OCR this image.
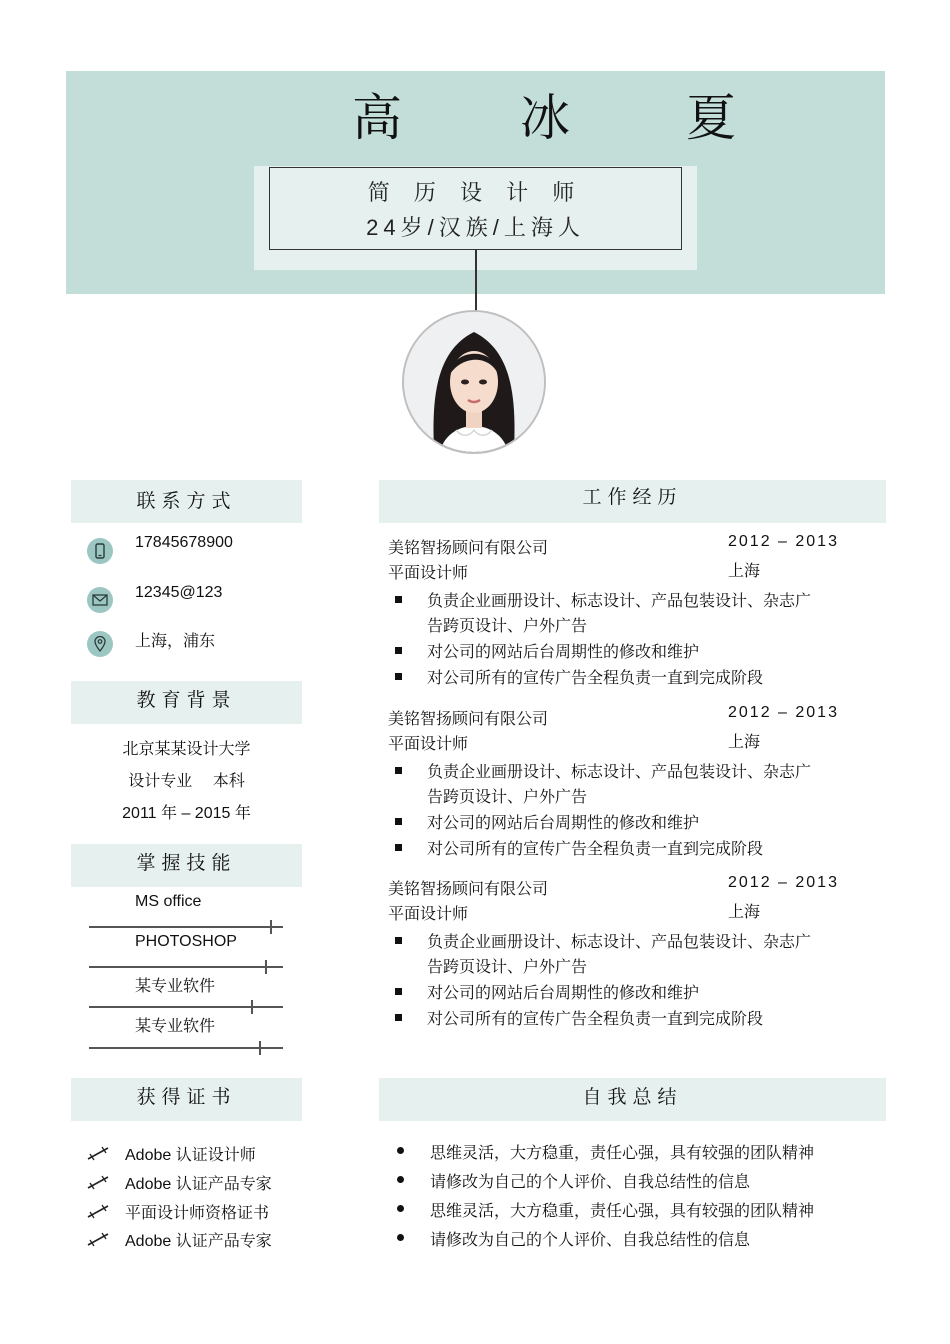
高 冰 夏
简 历 设 计 师
24岁/汉族/上海人
联系方式
17845678900
12345@123
上海，浦东
教育背景
北京某某设计大学
设计专业　 本科
2011 年 – 2015 年
掌握技能
MS office
PHOTOSHOP
某专业软件
某专业软件
获得证书
Adobe 认证设计师
Adobe 认证产品专家
平面设计师资格证书
Adobe 认证产品专家
工作经历
美铭智扬顾问有限公司	2012 – 2013
平面设计师	上海
负责企业画册设计、标志设计、产品包装设计、杂志广
告跨页设计、户外广告
对公司的网站后台周期性的修改和维护
对公司所有的宣传广告全程负责一直到完成阶段
美铭智扬顾问有限公司	2012 – 2013
平面设计师	上海
负责企业画册设计、标志设计、产品包装设计、杂志广
告跨页设计、户外广告
对公司的网站后台周期性的修改和维护
对公司所有的宣传广告全程负责一直到完成阶段
美铭智扬顾问有限公司	2012 – 2013
平面设计师	上海
负责企业画册设计、标志设计、产品包装设计、杂志广
告跨页设计、户外广告
对公司的网站后台周期性的修改和维护
对公司所有的宣传广告全程负责一直到完成阶段
自我总结
思维灵活，大方稳重，责任心强，具有较强的团队精神
请修改为自己的个人评价、自我总结性的信息
思维灵活，大方稳重，责任心强，具有较强的团队精神
请修改为自己的个人评价、自我总结性的信息
